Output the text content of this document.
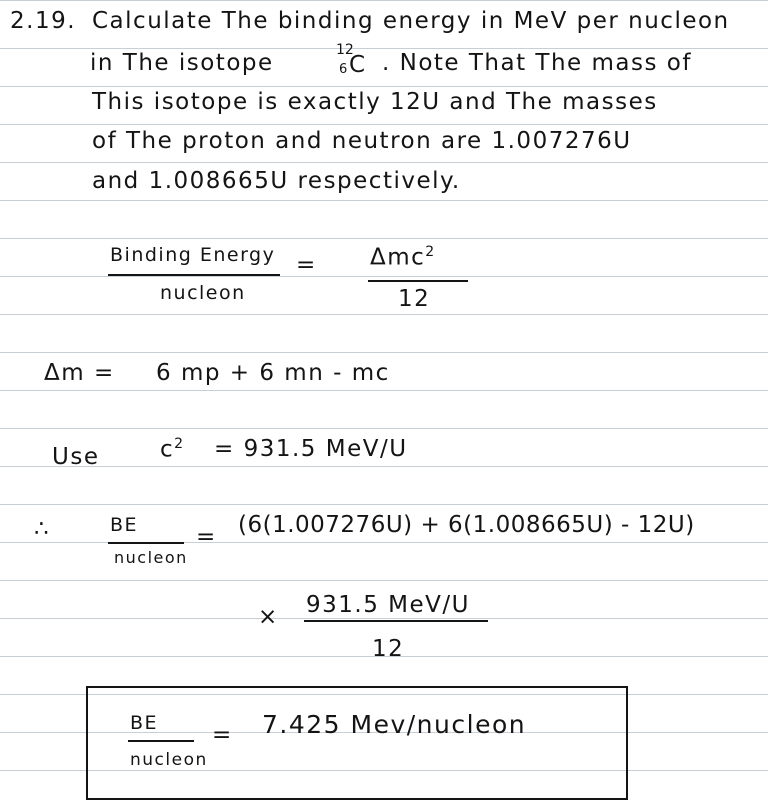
2.19. Calculate The binding energy in MeV per nucleon
in The isotope	12
C
6 . Note That The mass of
This isotope is exactly 12U and The masses
of The proton and neutron are 1.007276U
and 1.008665U respectively.
Binding Energy
nucleon
= Δmc$^2$
12
Δm = 6 mp + 6 mn - mc
Use	$c^2 = 931.5$ MeV/U
∴	BE
nucleon
= (6(1.007276U) + 6(1.008665U) - 12U)
× 931.5 MeV/U
12
BE
nucleon
= 7.425 Mev/nucleon
